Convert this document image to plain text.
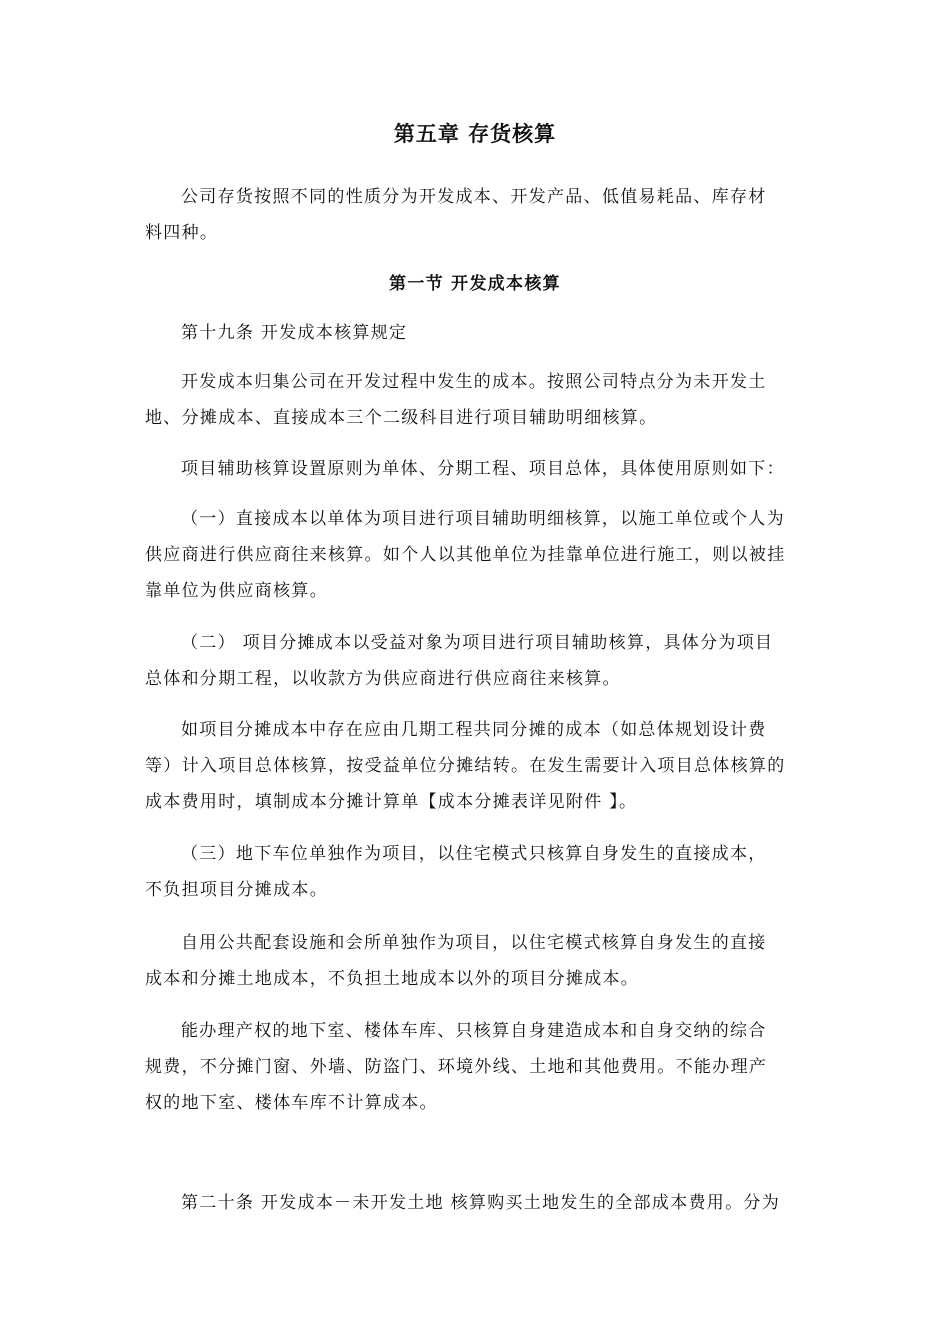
第五章 存货核算

公司存货按照不同的性质分为开发成本、开发产品、低值易耗品、库存材
料四种。

第一节 开发成本核算

第十九条 开发成本核算规定

开发成本归集公司在开发过程中发生的成本。按照公司特点分为未开发土
地、分摊成本、直接成本三个二级科目进行项目辅助明细核算。

项目辅助核算设置原则为单体、分期工程、项目总体，具体使用原则如下：

（一）直接成本以单体为项目进行项目辅助明细核算，以施工单位或个人为
供应商进行供应商往来核算。如个人以其他单位为挂靠单位进行施工，则以被挂
靠单位为供应商核算。

（二） 项目分摊成本以受益对象为项目进行项目辅助核算，具体分为项目
总体和分期工程，以收款方为供应商进行供应商往来核算。

如项目分摊成本中存在应由几期工程共同分摊的成本（如总体规划设计费
等）计入项目总体核算，按受益单位分摊结转。在发生需要计入项目总体核算的
成本费用时，填制成本分摊计算单【成本分摊表详见附件 】。

（三）地下车位单独作为项目，以住宅模式只核算自身发生的直接成本，
不负担项目分摊成本。

自用公共配套设施和会所单独作为项目，以住宅模式核算自身发生的直接
成本和分摊土地成本，不负担土地成本以外的项目分摊成本。

能办理产权的地下室、楼体车库、只核算自身建造成本和自身交纳的综合
规费，不分摊门窗、外墙、防盗门、环境外线、土地和其他费用。不能办理产
权的地下室、楼体车库不计算成本。

第二十条 开发成本－未开发土地 核算购买土地发生的全部成本费用。分为
